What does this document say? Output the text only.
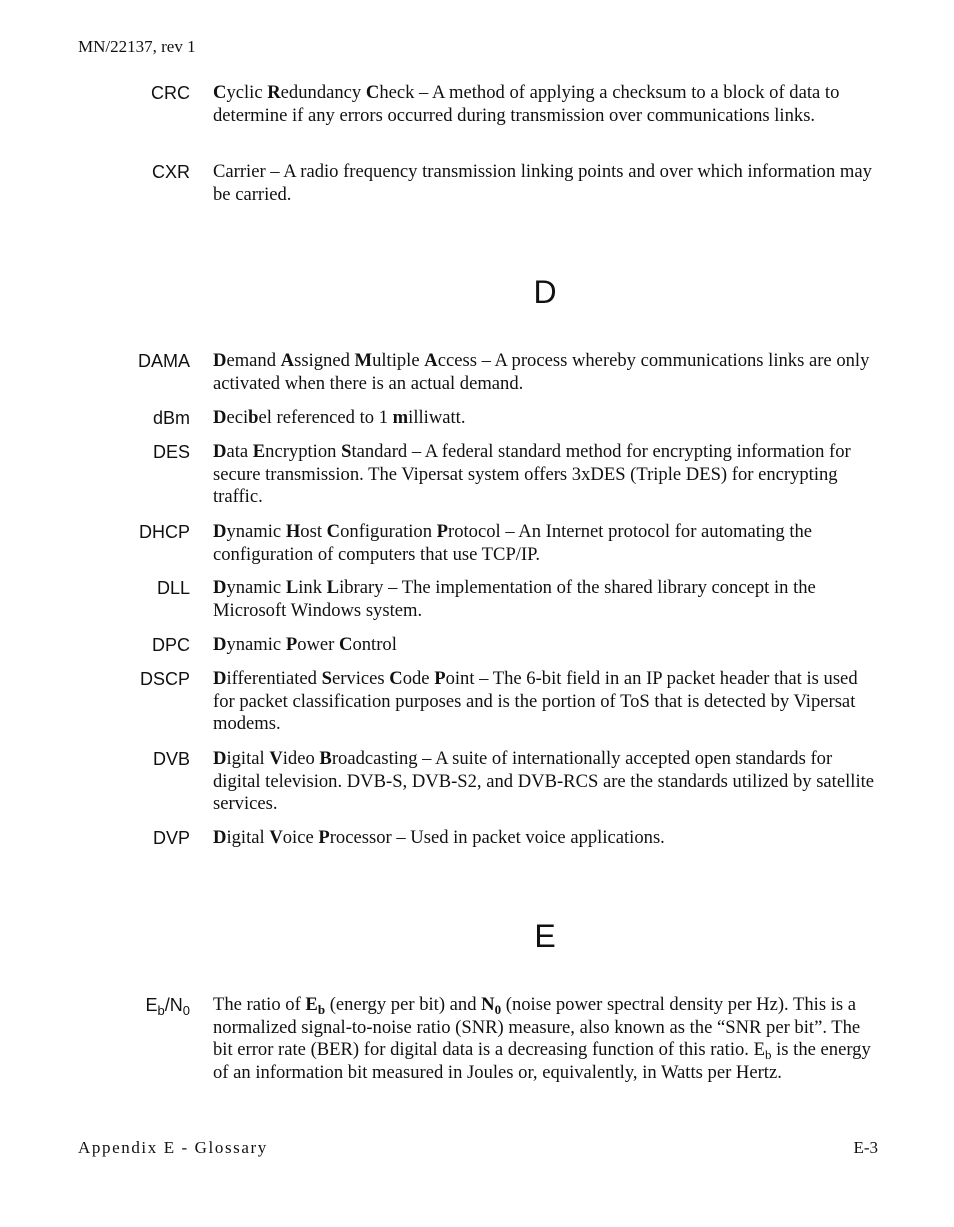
MN/22137, rev 1
CRC Cyclic Redundancy Check – A method of applying a checksum to a block of data to determine if any errors occurred during transmission over communications links.
CXR Carrier – A radio frequency transmission linking points and over which information may be carried.
D
DAMA Demand Assigned Multiple Access – A process whereby communications links are only activated when there is an actual demand.
dBm Decibel referenced to 1 milliwatt.
DES Data Encryption Standard – A federal standard method for encrypting information for secure transmission. The Vipersat system offers 3xDES (Triple DES) for encrypting traffic.
DHCP Dynamic Host Configuration Protocol – An Internet protocol for automating the configuration of computers that use TCP/IP.
DLL Dynamic Link Library – The implementation of the shared library concept in the Microsoft Windows system.
DPC Dynamic Power Control
DSCP Differentiated Services Code Point – The 6-bit field in an IP packet header that is used for packet classification purposes and is the portion of ToS that is detected by Vipersat modems.
DVB Digital Video Broadcasting – A suite of internationally accepted open standards for digital television. DVB-S, DVB-S2, and DVB-RCS are the standards utilized by satellite services.
DVP Digital Voice Processor – Used in packet voice applications.
E
$E_b/N_0$ The ratio of $E_b$ (energy per bit) and $N_0$ (noise power spectral density per Hz). This is a normalized signal-to-noise ratio (SNR) measure, also known as the “SNR per bit”. The bit error rate (BER) for digital data is a decreasing function of this ratio. $E_b$ is the energy of an information bit measured in Joules or, equivalently, in Watts per Hertz.
Appendix E - Glossary	E-3
